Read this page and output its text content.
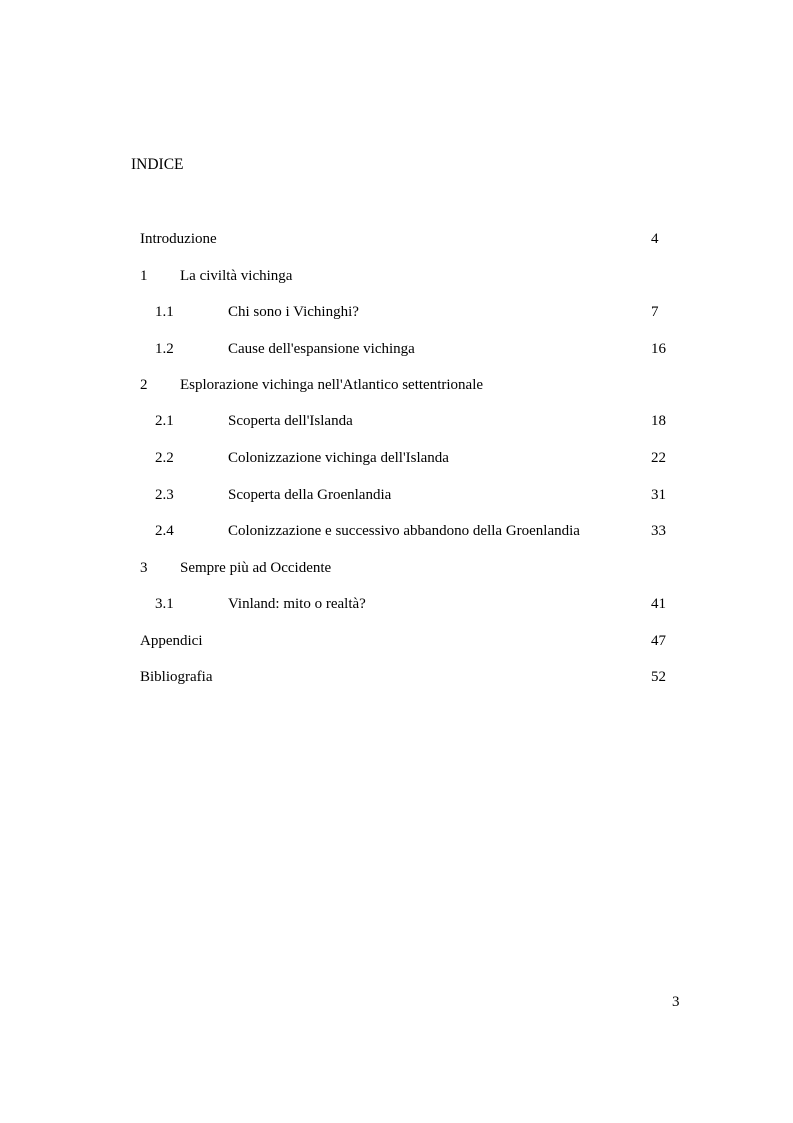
INDICE
Introduzione	4
1 La civiltà vichinga
1.1	Chi sono i Vichinghi?	7
1.2	Cause dell'espansione vichinga	16
2 Esplorazione vichinga nell'Atlantico settentrionale
2.1	Scoperta dell'Islanda	18
2.2	Colonizzazione vichinga dell'Islanda	22
2.3	Scoperta della Groenlandia	31
2.4	Colonizzazione e successivo abbandono della Groenlandia	33
3 Sempre più ad Occidente
3.1	Vinland: mito o realtà?	41
Appendici	47
Bibliografia	52
3
